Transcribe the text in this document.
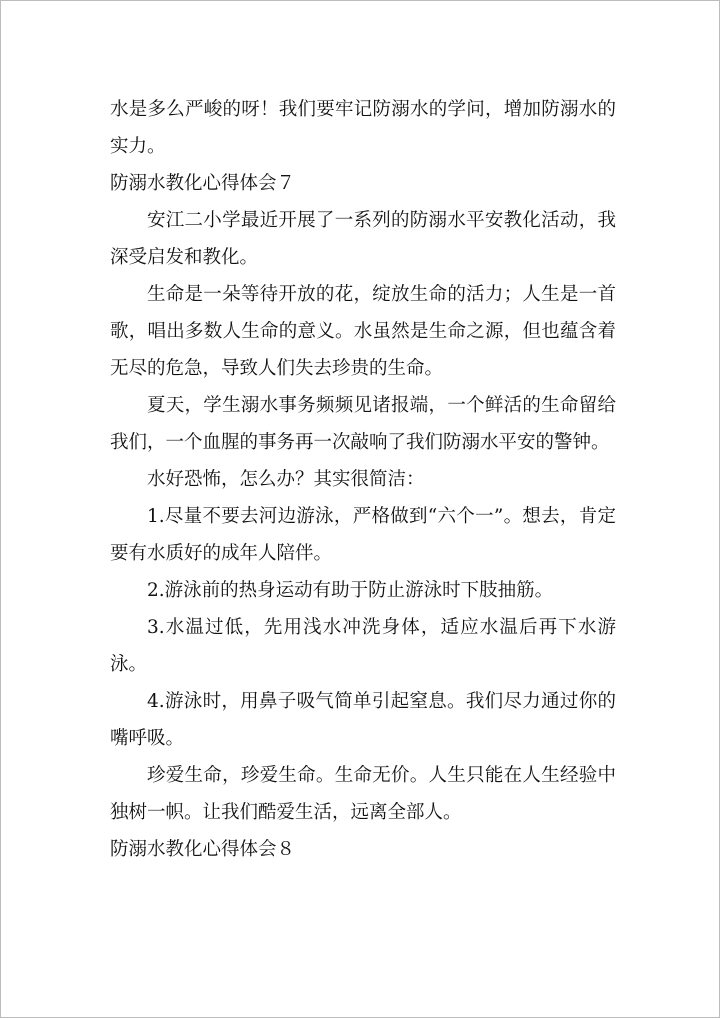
水是多么严峻的呀！我们要牢记防溺水的学问，增加防溺水的实力。

防溺水教化心得体会７

安江二小学最近开展了一系列的防溺水平安教化活动，我深受启发和教化。

生命是一朵等待开放的花，绽放生命的活力；人生是一首歌，唱出多数人生命的意义。水虽然是生命之源，但也蕴含着无尽的危急，导致人们失去珍贵的生命。

夏天，学生溺水事务频频见诸报端，一个鲜活的生命留给我们，一个血腥的事务再一次敲响了我们防溺水平安的警钟。

水好恐怖，怎么办？其实很简洁：

1.尽量不要去河边游泳，严格做到“六个一”。想去，肯定要有水质好的成年人陪伴。

2.游泳前的热身运动有助于防止游泳时下肢抽筋。

3.水温过低，先用浅水冲洗身体，适应水温后再下水游泳。

4.游泳时，用鼻子吸气简单引起窒息。我们尽力通过你的嘴呼吸。

珍爱生命，珍爱生命。生命无价。人生只能在人生经验中独树一帜。让我们酷爱生活，远离全部人。

防溺水教化心得体会８
